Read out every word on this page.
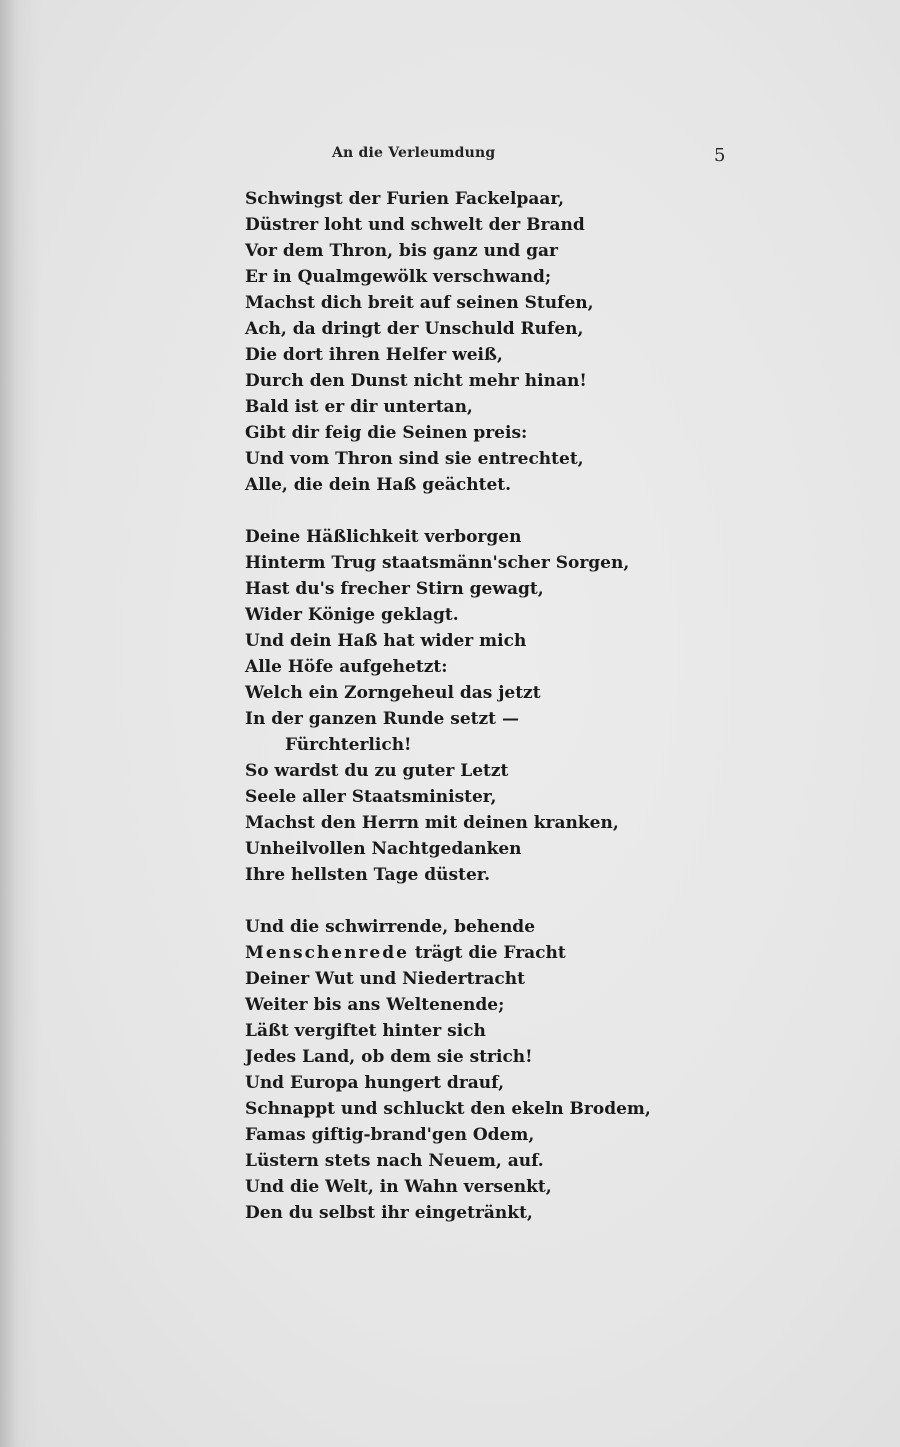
An die Verleumdung	5
Schwingst der Furien Fackelpaar,
Düstrer loht und schwelt der Brand
Vor dem Thron, bis ganz und gar
Er in Qualmgewölk verschwand;
Machst dich breit auf seinen Stufen,
Ach, da dringt der Unschuld Rufen,
Die dort ihren Helfer weiß,
Durch den Dunst nicht mehr hinan!
Bald ist er dir untertan,
Gibt dir feig die Seinen preis:
Und vom Thron sind sie entrechtet,
Alle, die dein Haß geächtet.
Deine Häßlichkeit verborgen
Hinterm Trug staatsmänn'scher Sorgen,
Hast du's frecher Stirn gewagt,
Wider Könige geklagt.
Und dein Haß hat wider mich
Alle Höfe aufgehetzt:
Welch ein Zorngeheul das jetzt
In der ganzen Runde setzt —
Fürchterlich!
So wardst du zu guter Letzt
Seele aller Staatsminister,
Machst den Herrn mit deinen kranken,
Unheilvollen Nachtgedanken
Ihre hellsten Tage düster.
Und die schwirrende, behende
Menschenrede trägt die Fracht
Deiner Wut und Niedertracht
Weiter bis ans Weltenende;
Läßt vergiftet hinter sich
Jedes Land, ob dem sie strich!
Und Europa hungert drauf,
Schnappt und schluckt den ekeln Brodem,
Famas giftig-brand'gen Odem,
Lüstern stets nach Neuem, auf.
Und die Welt, in Wahn versenkt,
Den du selbst ihr eingetränkt,
